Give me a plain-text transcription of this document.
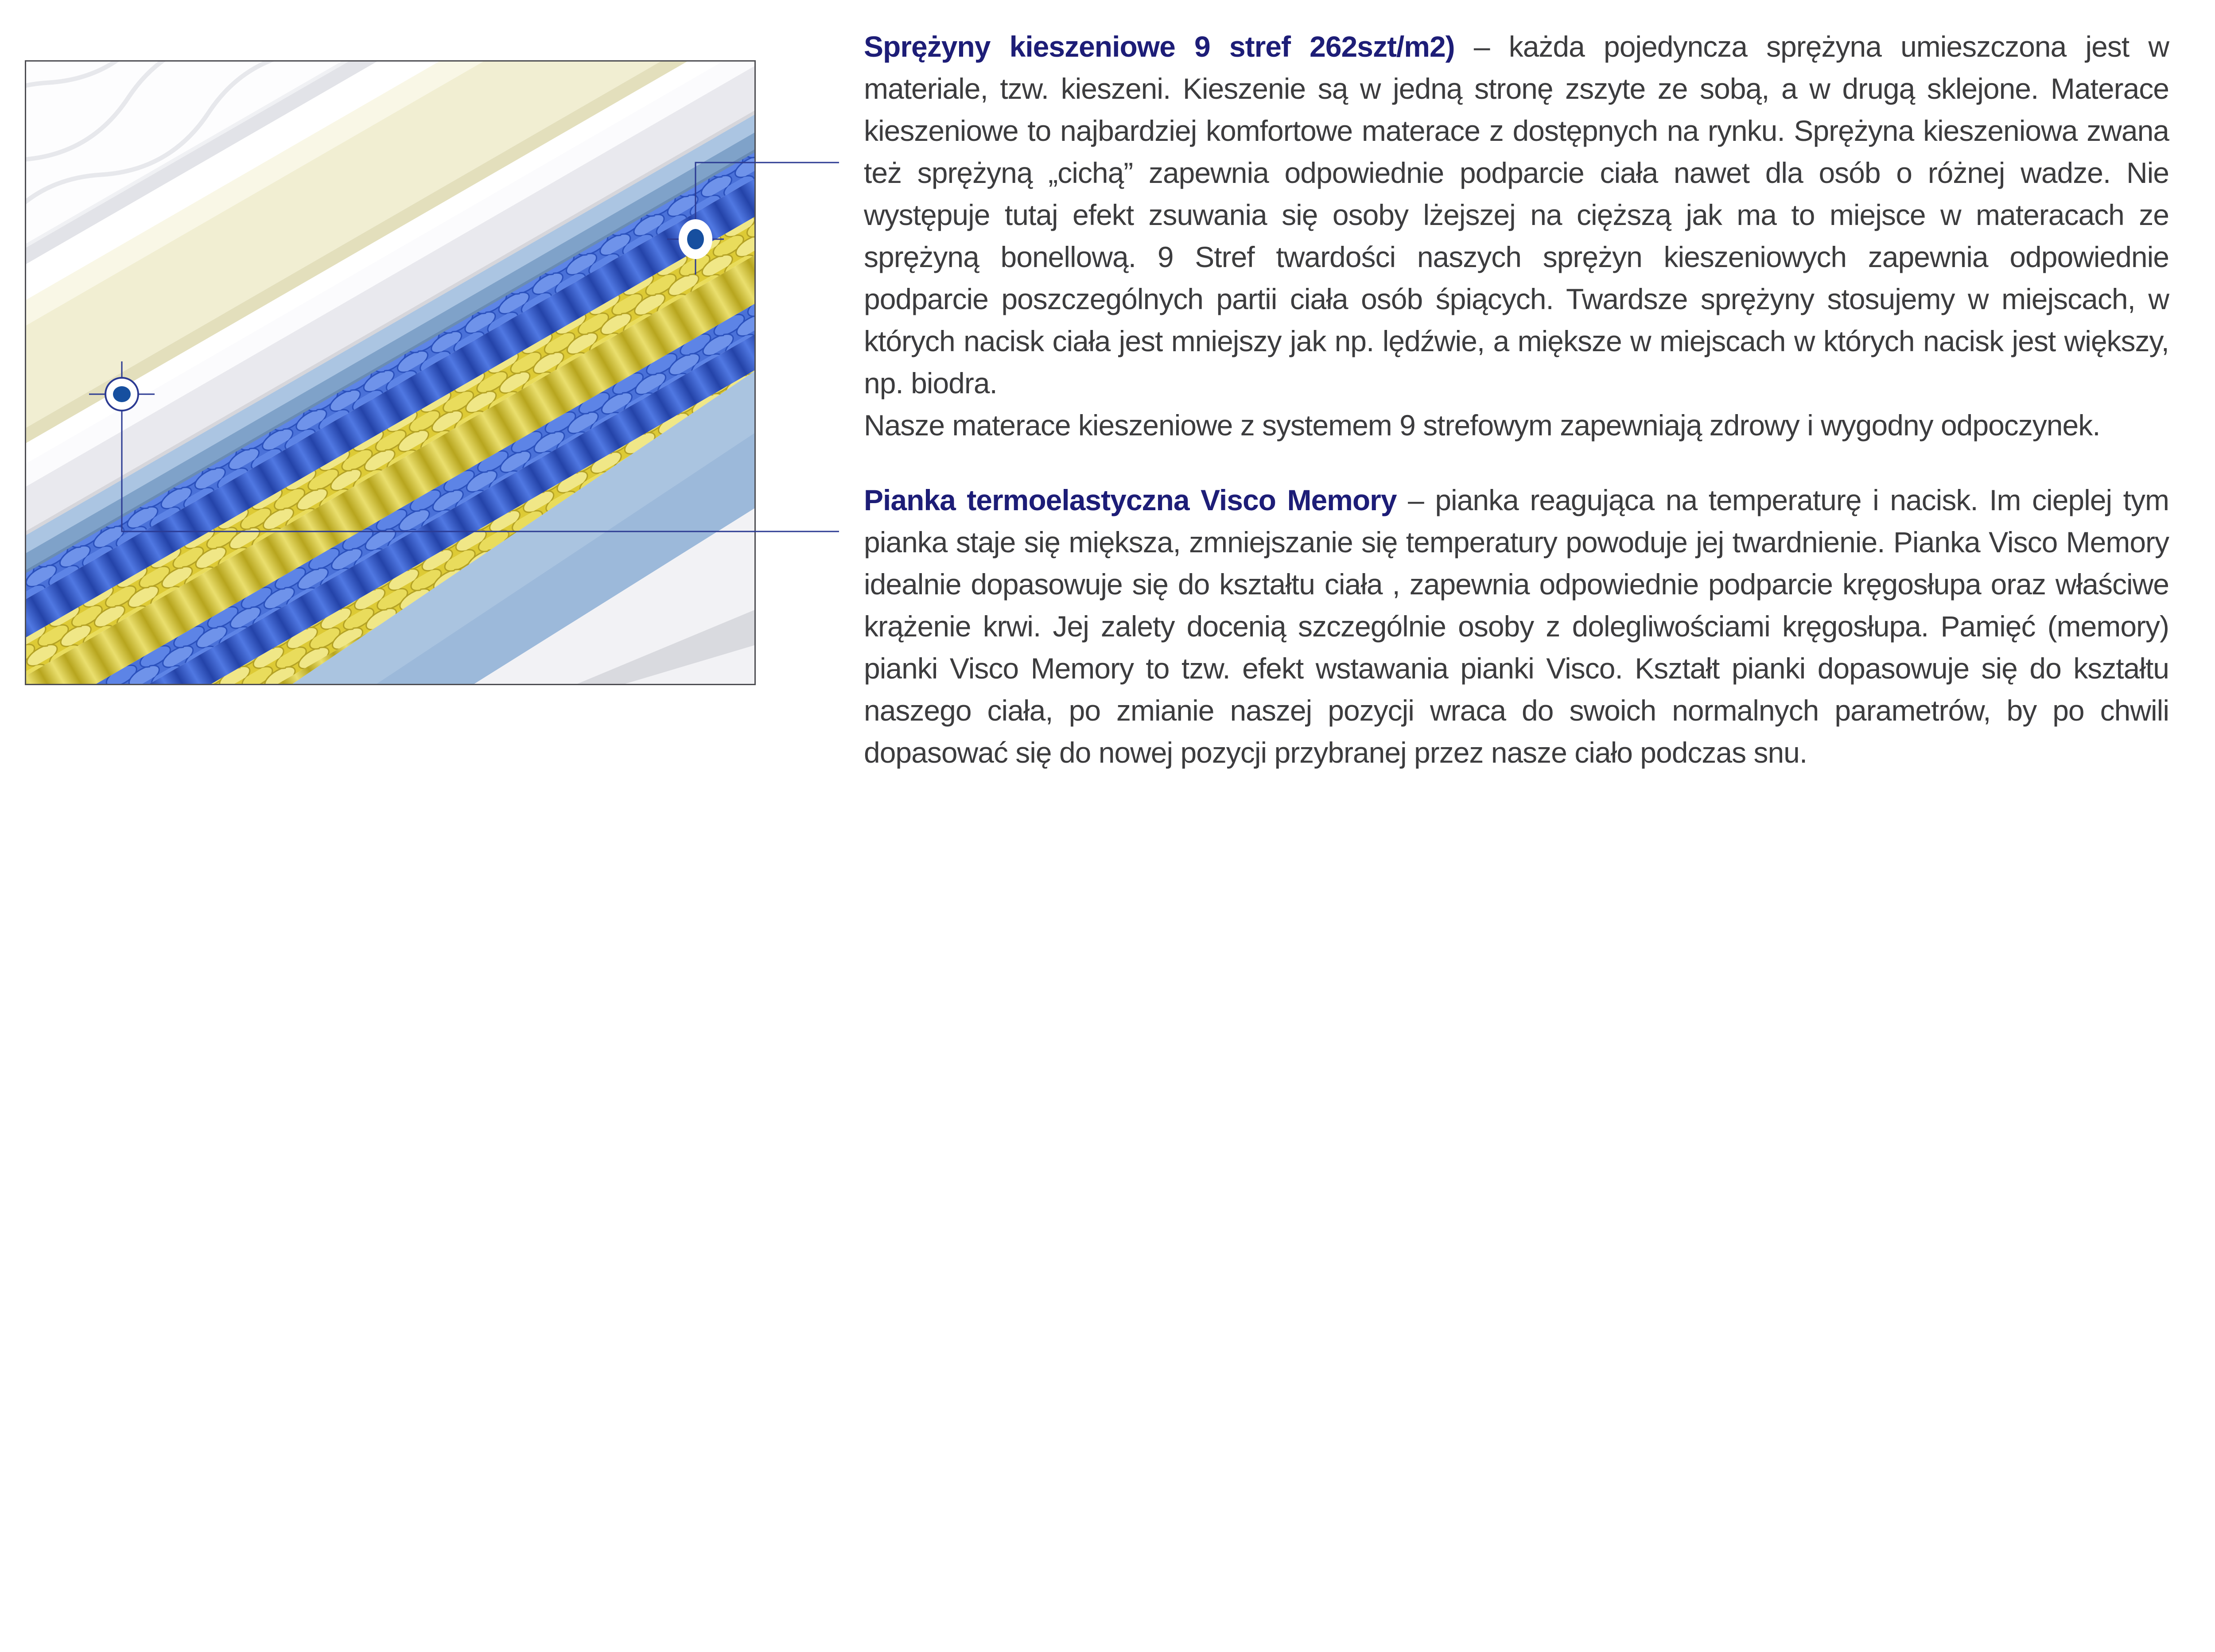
Sprężyny kieszeniowe 9 stref 262szt/m2) – każda pojedyncza sprężyna umieszczona jest w materiale, tzw. kieszeni. Kieszenie są w jedną stronę zszyte ze sobą, a w drugą sklejone. Materace kieszeniowe to najbardziej komfortowe materace z dostępnych na rynku. Sprężyna kieszeniowa zwana też sprężyną „cichą” zapewnia odpowiednie podparcie ciała nawet dla osób o różnej wadze. Nie występuje tutaj efekt zsuwania się osoby lżejszej na cięższą jak ma to miejsce w materacach ze sprężyną bonellową. 9 Stref twardości naszych sprężyn kieszeniowych zapewnia odpowiednie podparcie poszczególnych partii ciała osób śpiących. Twardsze sprężyny stosujemy w miejscach, w których nacisk ciała jest mniejszy jak np. lędźwie, a miększe w miejscach w których nacisk jest większy, np. biodra.

Nasze materace kieszeniowe z systemem 9 strefowym zapewniają zdrowy i wygodny odpoczynek.

Pianka termoelastyczna Visco Memory – pianka reagująca na temperaturę i nacisk. Im cieplej tym pianka staje się miększa, zmniejszanie się temperatury powoduje jej twardnienie. Pianka Visco Memory idealnie dopasowuje się do kształtu ciała , zapewnia odpowiednie podparcie kręgosłupa oraz właściwe krążenie krwi. Jej zalety docenią szczególnie osoby z dolegliwościami kręgosłupa. Pamięć (memory) pianki Visco Memory to tzw. efekt wstawania pianki Visco. Kształt pianki dopasowuje się do kształtu naszego ciała, po zmianie naszej pozycji wraca do swoich normalnych parametrów, by po chwili dopasować się do nowej pozycji przybranej przez nasze ciało podczas snu.
